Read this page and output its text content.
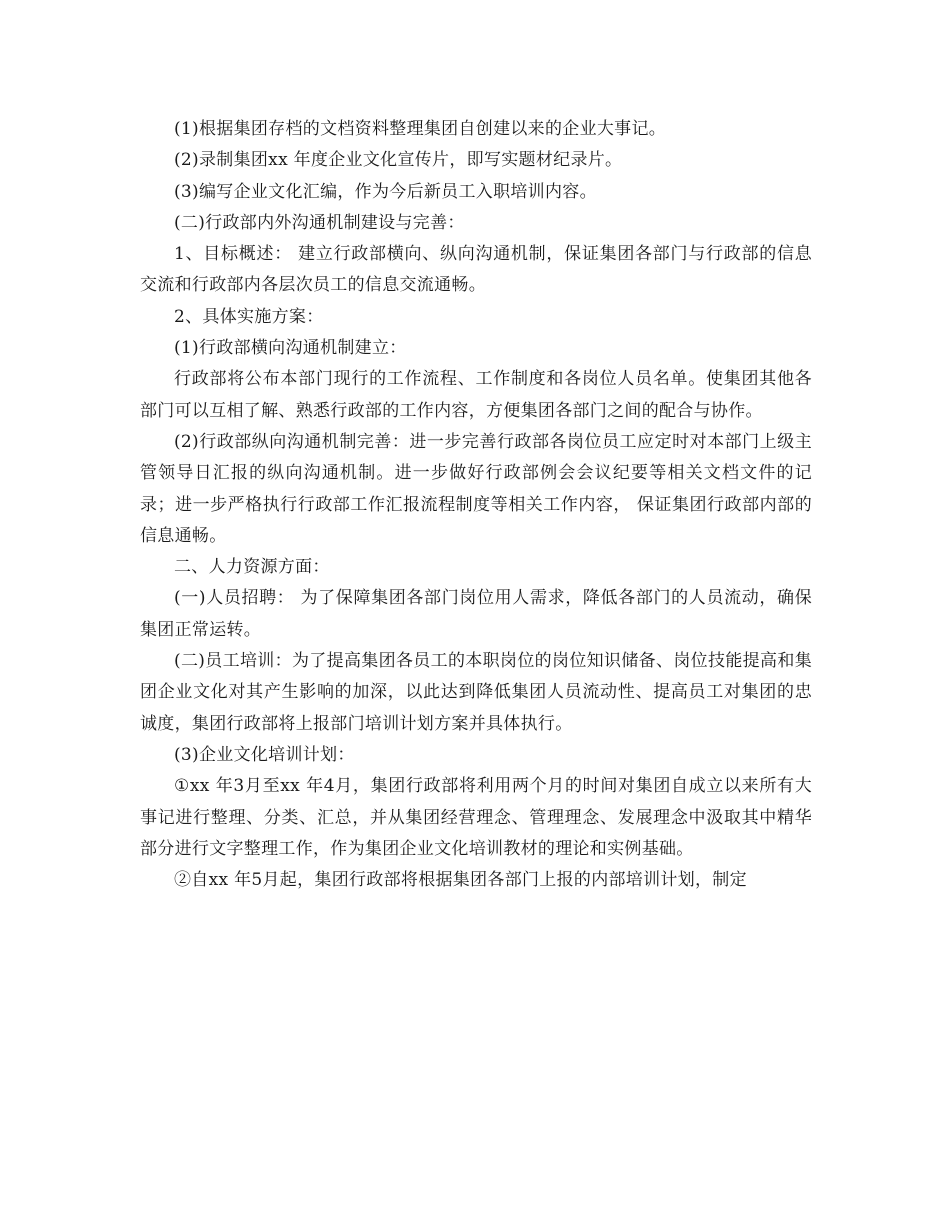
(1)根据集团存档的文档资料整理集团自创建以来的企业大事记。

(2)录制集团xx 年度企业文化宣传片，即写实题材纪录片。

(3)编写企业文化汇编，作为今后新员工入职培训内容。

(二)行政部内外沟通机制建设与完善：

1、目标概述： 建立行政部横向、纵向沟通机制，保证集团各部门与行政部的信息交流和行政部内各层次员工的信息交流通畅。

2、具体实施方案：

(1)行政部横向沟通机制建立：

行政部将公布本部门现行的工作流程、工作制度和各岗位人员名单。使集团其他各部门可以互相了解、熟悉行政部的工作内容，方便集团各部门之间的配合与协作。

(2)行政部纵向沟通机制完善：进一步完善行政部各岗位员工应定时对本部门上级主管领导日汇报的纵向沟通机制。进一步做好行政部例会会议纪要等相关文档文件的记录；进一步严格执行行政部工作汇报流程制度等相关工作内容， 保证集团行政部内部的信息通畅。

二、人力资源方面：

(一)人员招聘： 为了保障集团各部门岗位用人需求，降低各部门的人员流动，确保集团正常运转。

(二)员工培训：为了提高集团各员工的本职岗位的岗位知识储备、岗位技能提高和集团企业文化对其产生影响的加深，以此达到降低集团人员流动性、提高员工对集团的忠诚度，集团行政部将上报部门培训计划方案并具体执行。

(3)企业文化培训计划：

①xx 年3月至xx 年4月，集团行政部将利用两个月的时间对集团自成立以来所有大事记进行整理、分类、汇总，并从集团经营理念、管理理念、发展理念中汲取其中精华部分进行文字整理工作，作为集团企业文化培训教材的理论和实例基础。

②自xx 年5月起，集团行政部将根据集团各部门上报的内部培训计划，制定
